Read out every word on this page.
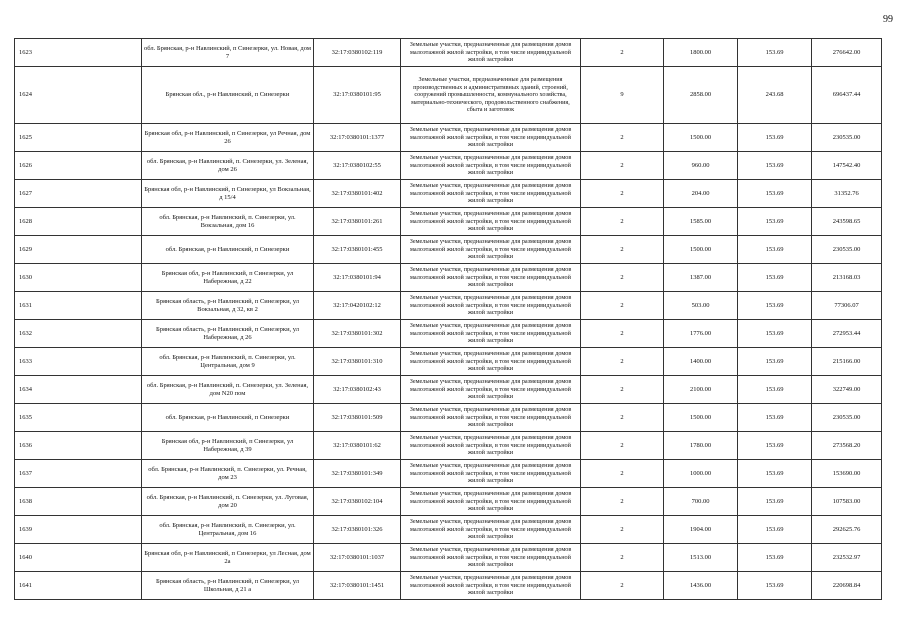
99
1623	обл. Брянская, р-н Навлинский, п Синезерки, ул. Новая, дом 7	32:17:0380102:119	Земельные участки, предназначенные для размещения домов малоэтажной жилой застройки, в том числе индивидуальной жилой застройки	2	1800.00	153.69	276642.00
1624	Брянская обл., р-н Навлинский, п Синезерки	32:17:0380101:95	Земельные участки, предназначенные для размещения производственных и административных зданий, строений, сооружений промышленности, коммунального хозяйства, материально-технического, продовольственного снабжения, сбыта и заготовок	9	2858.00	243.68	696437.44
1625	Брянская обл, р-н Навлинский, п Синезерки, ул Речная, дом 26	32:17:0380101:1377	Земельные участки, предназначенные для размещения домов малоэтажной жилой застройки, в том числе индивидуальной жилой застройки	2	1500.00	153.69	230535.00
1626	обл. Брянская, р-н Навлинский, п. Синезерки, ул. Зеленая, дом 26	32:17:0380102:55	Земельные участки, предназначенные для размещения домов малоэтажной жилой застройки, в том числе индивидуальной жилой застройки	2	960.00	153.69	147542.40
1627	Брянская обл, р-н Навлинский, п Синезерки, ул Вокзальная, д 15/4	32:17:0380101:402	Земельные участки, предназначенные для размещения домов малоэтажной жилой застройки, в том числе индивидуальной жилой застройки	2	204.00	153.69	31352.76
1628	обл. Брянская, р-н Навлинский, п. Синезерки, ул. Вокзальная, дом 16	32:17:0380101:261	Земельные участки, предназначенные для размещения домов малоэтажной жилой застройки, в том числе индивидуальной жилой застройки	2	1585.00	153.69	243598.65
1629	обл. Брянская, р-н Навлинский, п Синезерки	32:17:0380101:455	Земельные участки, предназначенные для размещения домов малоэтажной жилой застройки, в том числе индивидуальной жилой застройки	2	1500.00	153.69	230535.00
1630	Брянская обл, р-н Навлинский, п Синезерки, ул Набережная, д 22	32:17:0380101:94	Земельные участки, предназначенные для размещения домов малоэтажной жилой застройки, в том числе индивидуальной жилой застройки	2	1387.00	153.69	213168.03
1631	Брянская область, р-н Навлинский, п Синезерки, ул Вокзальная, д 32, кв 2	32:17:0420102:12	Земельные участки, предназначенные для размещения домов малоэтажной жилой застройки, в том числе индивидуальной жилой застройки	2	503.00	153.69	77306.07
1632	Брянская область, р-н Навлинский, п Синезерки, ул Набережная, д 26	32:17:0380101:302	Земельные участки, предназначенные для размещения домов малоэтажной жилой застройки, в том числе индивидуальной жилой застройки	2	1776.00	153.69	272953.44
1633	обл. Брянская, р-н Навлинский, п. Синезерки, ул. Центральная, дом 9	32:17:0380101:310	Земельные участки, предназначенные для размещения домов малоэтажной жилой застройки, в том числе индивидуальной жилой застройки	2	1400.00	153.69	215166.00
1634	обл. Брянская, р-н Навлинский, п. Синезерки, ул. Зеленая, дом N20 пом	32:17:0380102:43	Земельные участки, предназначенные для размещения домов малоэтажной жилой застройки, в том числе индивидуальной жилой застройки	2	2100.00	153.69	322749.00
1635	обл. Брянская, р-н Навлинский, п Синезерки	32:17:0380101:509	Земельные участки, предназначенные для размещения домов малоэтажной жилой застройки, в том числе индивидуальной жилой застройки	2	1500.00	153.69	230535.00
1636	Брянская обл, р-н Навлинский, п Синезерки, ул Набережная, д 39	32:17:0380101:62	Земельные участки, предназначенные для размещения домов малоэтажной жилой застройки, в том числе индивидуальной жилой застройки	2	1780.00	153.69	273568.20
1637	обл. Брянская, р-н Навлинский, п. Синезерки, ул. Речная, дом 23	32:17:0380101:349	Земельные участки, предназначенные для размещения домов малоэтажной жилой застройки, в том числе индивидуальной жилой застройки	2	1000.00	153.69	153690.00
1638	обл. Брянская, р-н Навлинский, п. Синезерки, ул. Луговая, дом 20	32:17:0380102:104	Земельные участки, предназначенные для размещения домов малоэтажной жилой застройки, в том числе индивидуальной жилой застройки	2	700.00	153.69	107583.00
1639	обл. Брянская, р-н Навлинский, п. Синезерки, ул. Центральная, дом 16	32:17:0380101:326	Земельные участки, предназначенные для размещения домов малоэтажной жилой застройки, в том числе индивидуальной жилой застройки	2	1904.00	153.69	292625.76
1640	Брянская обл, р-н Навлинский, п Синезерки, ул Лесная, дом 2а	32:17:0380101:1037	Земельные участки, предназначенные для размещения домов малоэтажной жилой застройки, в том числе индивидуальной жилой застройки	2	1513.00	153.69	232532.97
1641	Брянская область, р-н Навлинский, п Синезерки, ул Школьная, д 21 а	32:17:0380101:1451	Земельные участки, предназначенные для размещения домов малоэтажной жилой застройки, в том числе индивидуальной жилой застройки	2	1436.00	153.69	220698.84
